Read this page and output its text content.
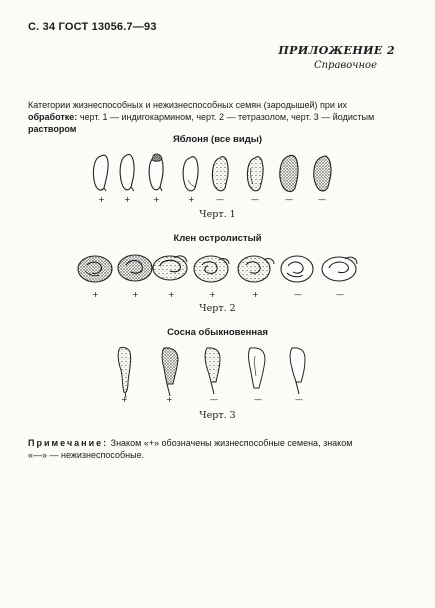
С. 34 ГОСТ 13056.7—93
ПРИЛОЖЕНИЕ 2
Справочное
Категории жизнеспособных и нежизнеспособных семян (зародышей) при их
обработке: черт. 1 — индигокармином, черт. 2 — тетразолом, черт. 3 — йодистым
раствором
Яблоня (все виды)
+ +	+	+	—	—	—	—
Черт. 1
Клен остролистый
+	+	+	+	+	—	—
Черт. 2
Сосна обыкновенная
+	+	—	—	—
Черт. 3
Примечание: Знаком «+» обозначены жизнеспособные семена, знаком
«—» — нежизнеспособные.
